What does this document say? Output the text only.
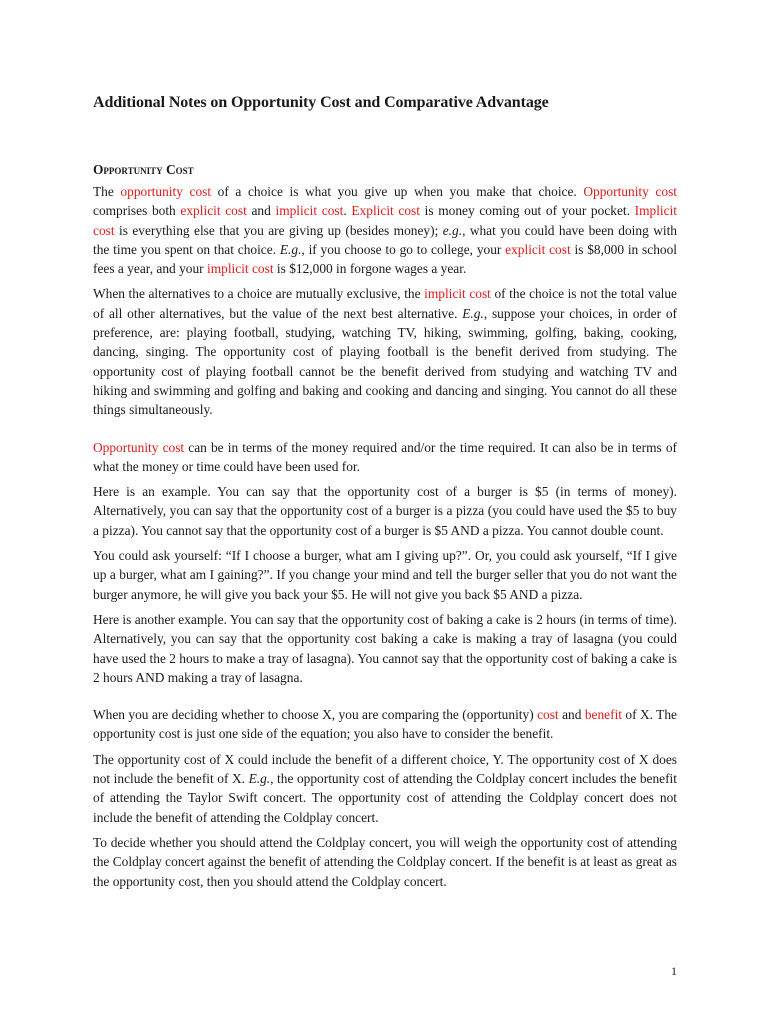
Additional Notes on Opportunity Cost and Comparative Advantage
Opportunity Cost

The opportunity cost of a choice is what you give up when you make that choice. Opportunity cost comprises both explicit cost and implicit cost. Explicit cost is money coming out of your pocket. Implicit cost is everything else that you are giving up (besides money); e.g., what you could have been doing with the time you spent on that choice. E.g., if you choose to go to college, your explicit cost is $8,000 in school fees a year, and your implicit cost is $12,000 in forgone wages a year.

When the alternatives to a choice are mutually exclusive, the implicit cost of the choice is not the total value of all other alternatives, but the value of the next best alternative. E.g., suppose your choices, in order of preference, are: playing football, studying, watching TV, hiking, swimming, golfing, baking, cooking, dancing, singing. The opportunity cost of playing football is the benefit derived from studying. The opportunity cost of playing football cannot be the benefit derived from studying and watching TV and hiking and swimming and golfing and baking and cooking and dancing and singing. You cannot do all these things simultaneously.

Opportunity cost can be in terms of the money required and/or the time required. It can also be in terms of what the money or time could have been used for.

Here is an example. You can say that the opportunity cost of a burger is $5 (in terms of money). Alternatively, you can say that the opportunity cost of a burger is a pizza (you could have used the $5 to buy a pizza). You cannot say that the opportunity cost of a burger is $5 AND a pizza. You cannot double count.

You could ask yourself: “If I choose a burger, what am I giving up?”. Or, you could ask yourself, “If I give up a burger, what am I gaining?”. If you change your mind and tell the burger seller that you do not want the burger anymore, he will give you back your $5. He will not give you back $5 AND a pizza.

Here is another example. You can say that the opportunity cost of baking a cake is 2 hours (in terms of time). Alternatively, you can say that the opportunity cost baking a cake is making a tray of lasagna (you could have used the 2 hours to make a tray of lasagna). You cannot say that the opportunity cost of baking a cake is 2 hours AND making a tray of lasagna.

When you are deciding whether to choose X, you are comparing the (opportunity) cost and benefit of X. The opportunity cost is just one side of the equation; you also have to consider the benefit.

The opportunity cost of X could include the benefit of a different choice, Y. The opportunity cost of X does not include the benefit of X. E.g., the opportunity cost of attending the Coldplay concert includes the benefit of attending the Taylor Swift concert. The opportunity cost of attending the Coldplay concert does not include the benefit of attending the Coldplay concert.

To decide whether you should attend the Coldplay concert, you will weigh the opportunity cost of attending the Coldplay concert against the benefit of attending the Coldplay concert. If the benefit is at least as great as the opportunity cost, then you should attend the Coldplay concert.

1
